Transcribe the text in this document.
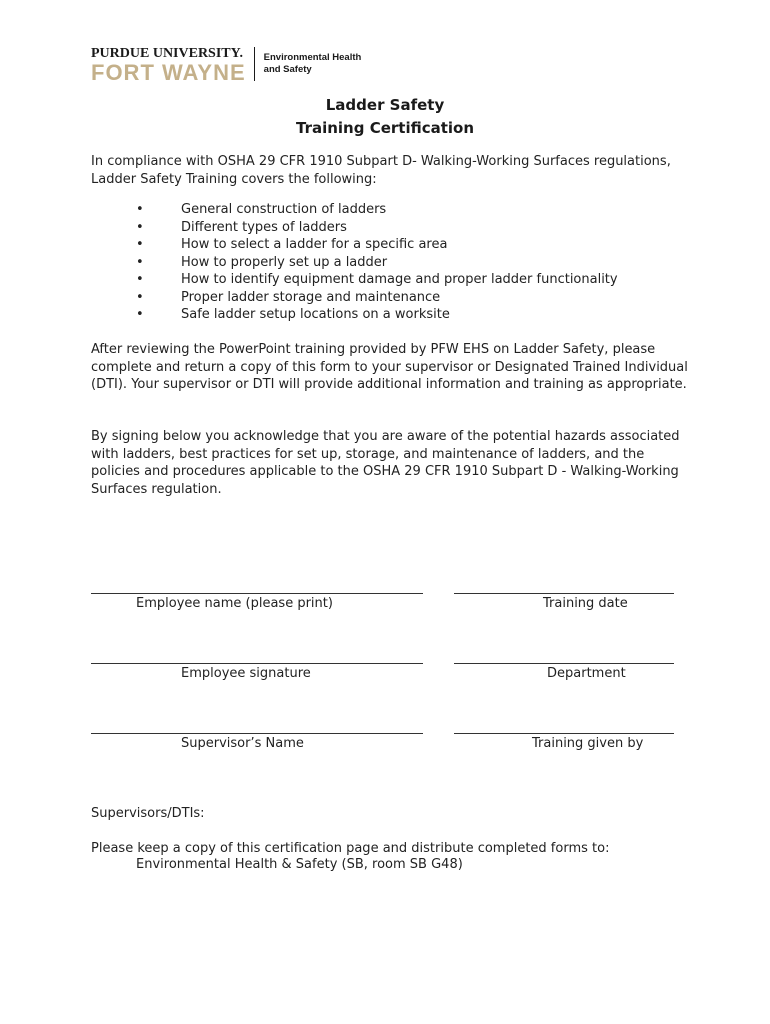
PURDUE UNIVERSITY.
FORT WAYNE
Environmental Health
and Safety
Ladder Safety
Training Certification
In compliance with OSHA 29 CFR 1910 Subpart D- Walking-Working Surfaces regulations, Ladder Safety Training covers the following:
•	General construction of ladders
•	Different types of ladders
•	How to select a ladder for a specific area
•	How to properly set up a ladder
•	How to identify equipment damage and proper ladder functionality
•	Proper ladder storage and maintenance
•	Safe ladder setup locations on a worksite
After reviewing the PowerPoint training provided by PFW EHS on Ladder Safety, please complete and return a copy of this form to your supervisor or Designated Trained Individual (DTI). Your supervisor or DTI will provide additional information and training as appropriate.
By signing below you acknowledge that you are aware of the potential hazards associated with ladders, best practices for set up, storage, and maintenance of ladders, and the policies and procedures applicable to the OSHA 29 CFR 1910 Subpart D - Walking-Working Surfaces regulation.
Employee name (please print)	Training date
Employee signature	Department
Supervisor’s Name	Training given by
Supervisors/DTIs:
Please keep a copy of this certification page and distribute completed forms to:
Environmental Health & Safety (SB, room SB G48)
